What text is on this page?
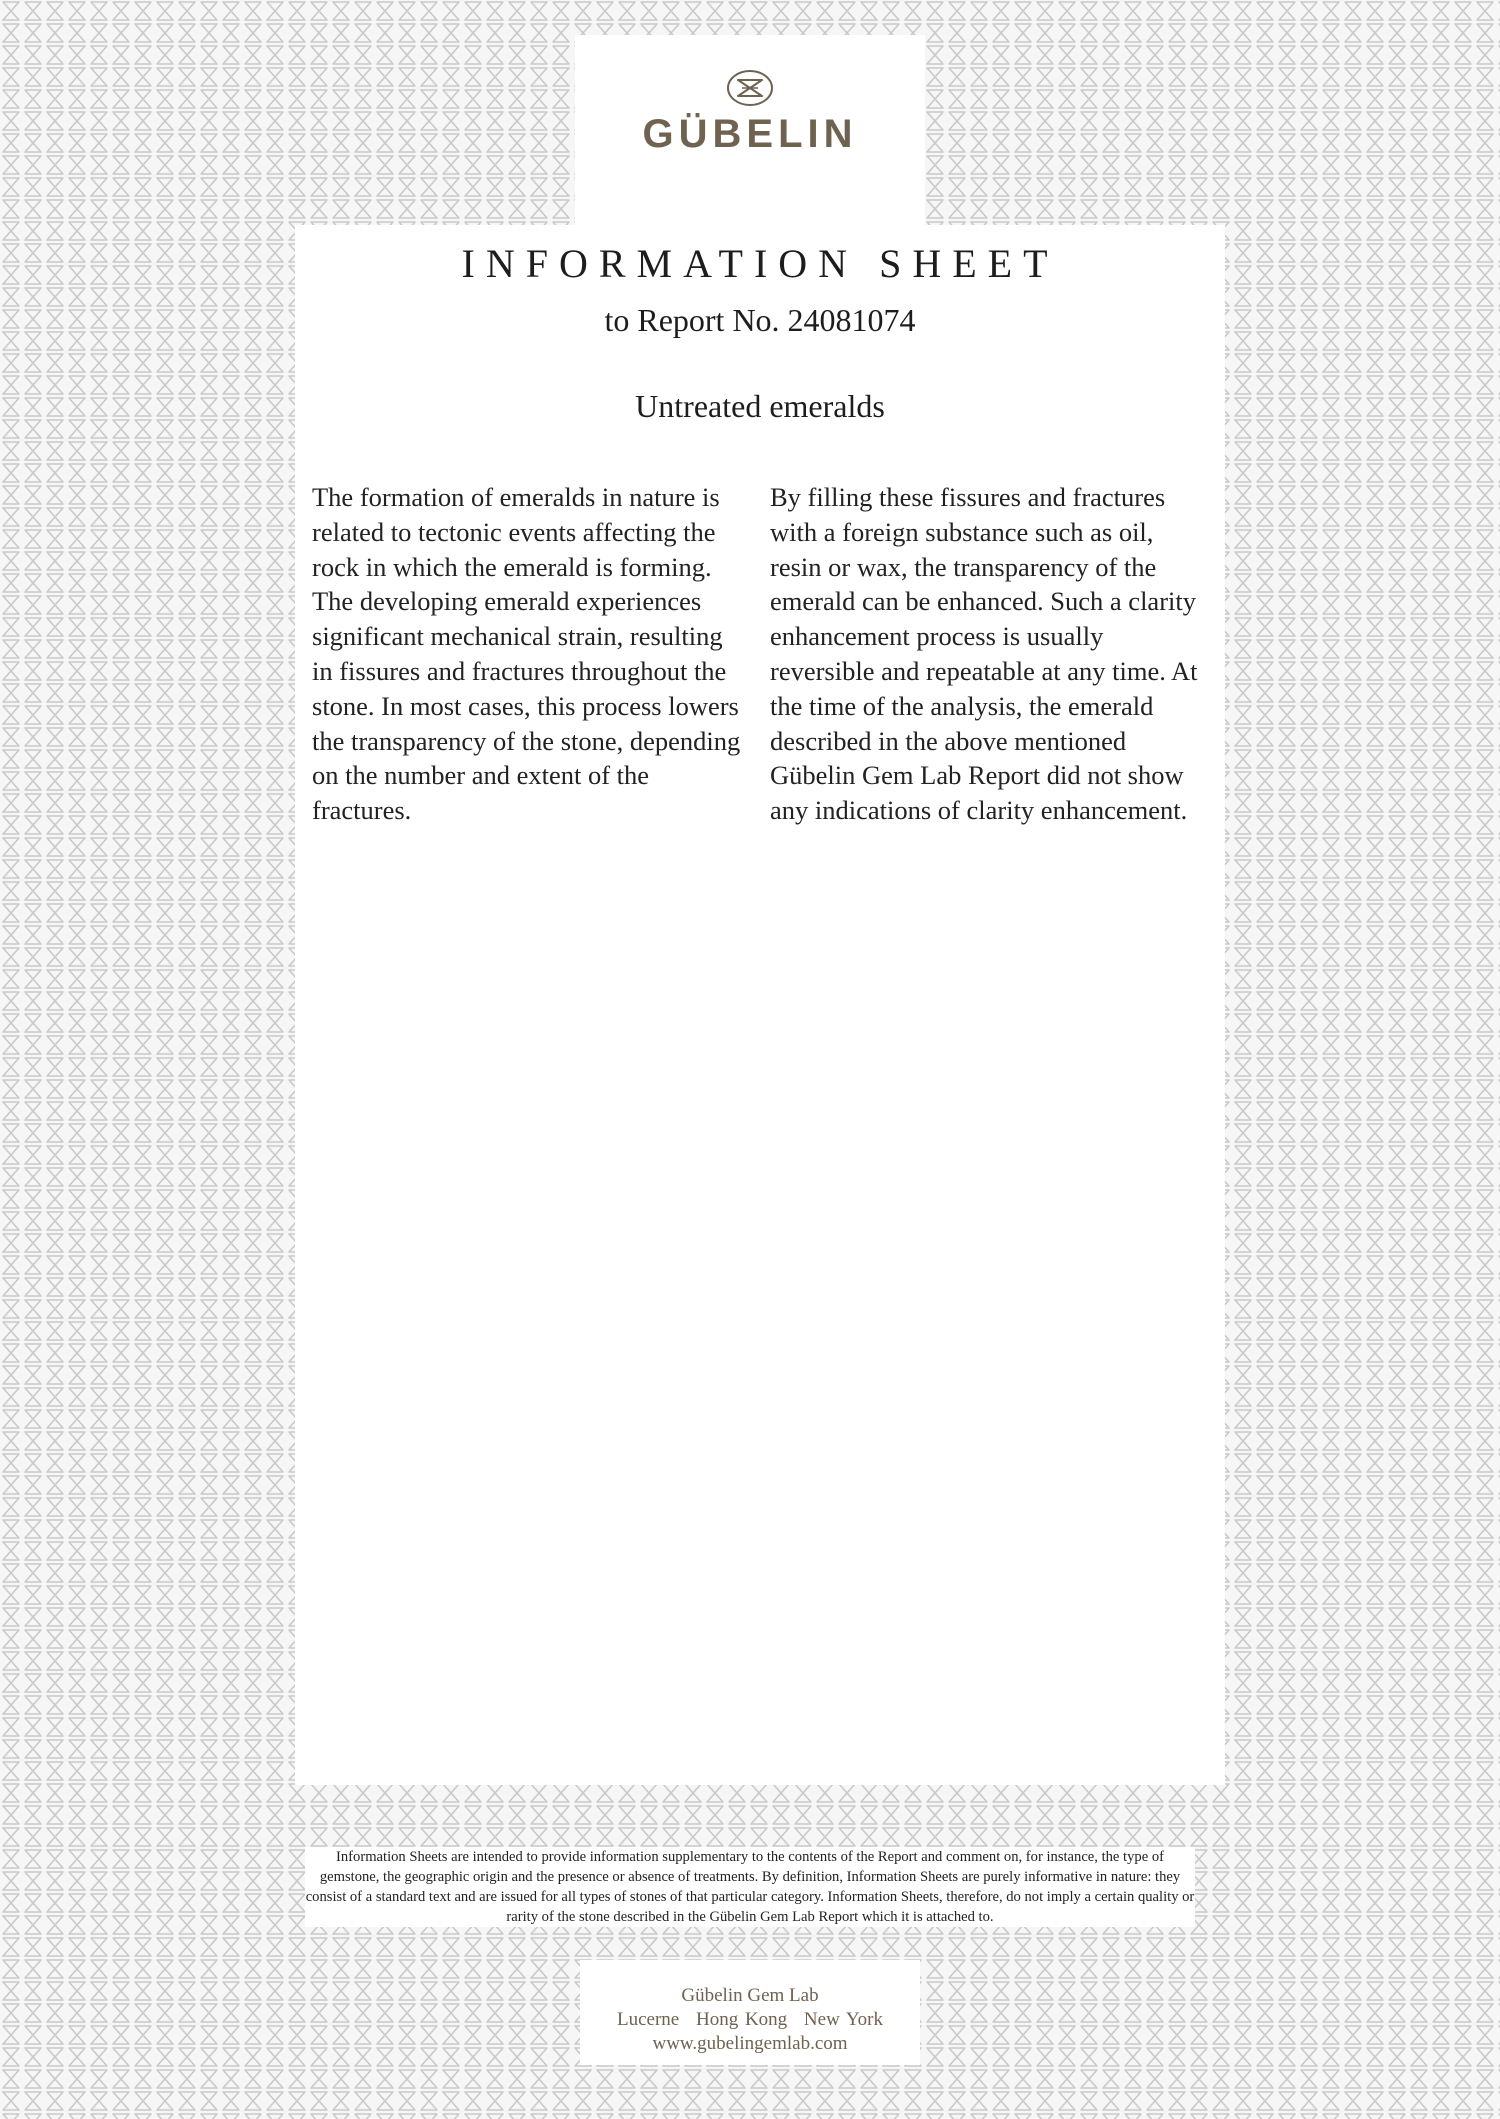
GÜBELIN
INFORMATION SHEET
to Report No. 24081074
Untreated emeralds

The formation of emeralds in nature is related to tectonic events affecting the rock in which the emerald is forming. The developing emerald experiences significant mechanical strain, resulting in fissures and fractures throughout the stone. In most cases, this process lowers the transparency of the stone, depending on the number and extent of the fractures.

By filling these fissures and fractures with a foreign substance such as oil, resin or wax, the transparency of the emerald can be enhanced. Such a clarity enhancement process is usually reversible and repeatable at any time. At the time of the analysis, the emerald described in the above mentioned Gübelin Gem Lab Report did not show any indications of clarity enhancement.

Information Sheets are intended to provide information supplementary to the contents of the Report and comment on, for instance, the type of gemstone, the geographic origin and the presence or absence of treatments. By definition, Information Sheets are purely informative in nature: they consist of a standard text and are issued for all types of stones of that particular category. Information Sheets, therefore, do not imply a certain quality or rarity of the stone described in the Gübelin Gem Lab Report which it is attached to.
Gübelin Gem Lab
Lucerne Hong Kong New York
www.gubelingemlab.com
